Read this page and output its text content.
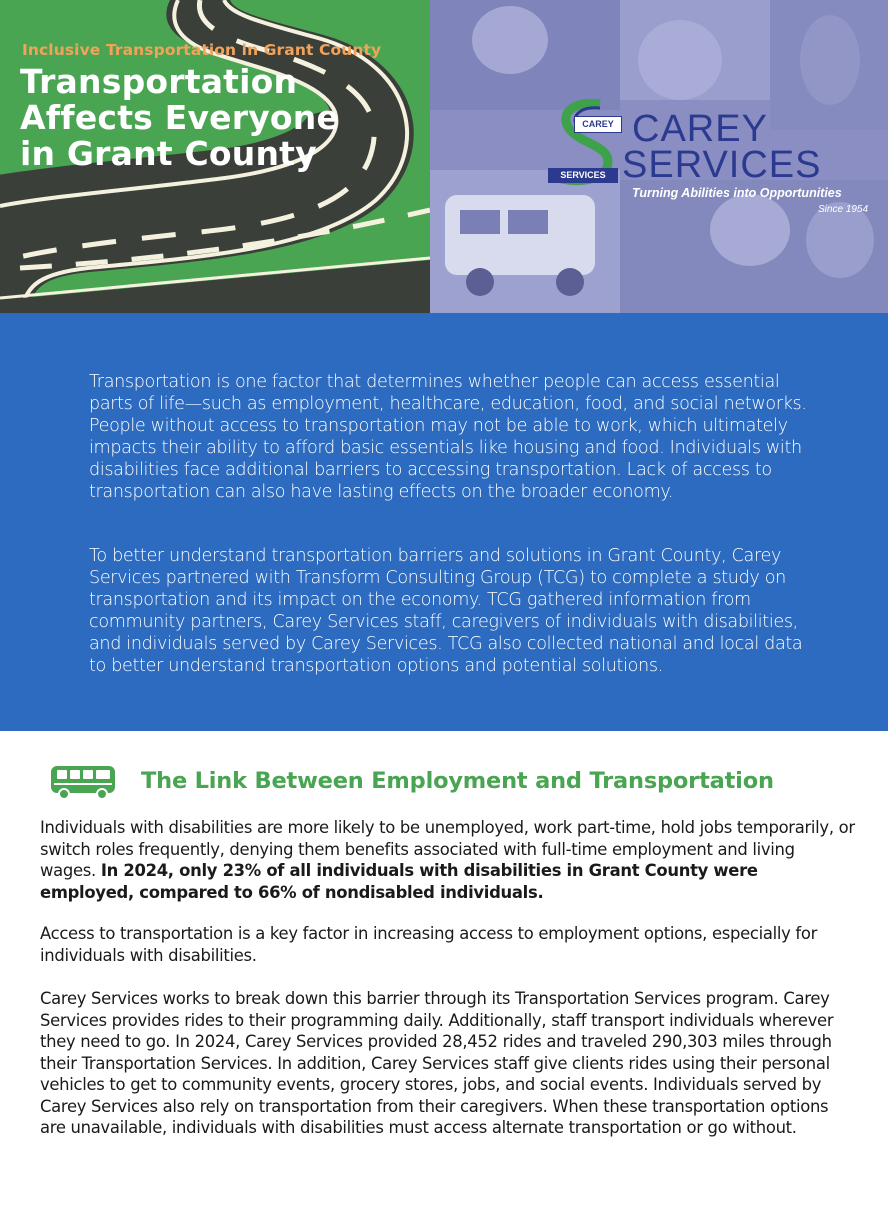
Inclusive Transportation in Grant County

Transportation Affects Everyone in Grant County
CAREY
SERVICES
CAREY
SERVICES
Turning Abilities into Opportunities
Since 1954

Transportation is one factor that determines whether people can access essential parts of life—such as employment, healthcare, education, food, and social networks. People without access to transportation may not be able to work, which ultimately impacts their ability to afford basic essentials like housing and food. Individuals with disabilities face additional barriers to accessing transportation. Lack of access to transportation can also have lasting effects on the broader economy.

To better understand transportation barriers and solutions in Grant County, Carey Services partnered with Transform Consulting Group (TCG) to complete a study on transportation and its impact on the economy. TCG gathered information from community partners, Carey Services staff, caregivers of individuals with disabilities, and individuals served by Carey Services. TCG also collected national and local data to better understand transportation options and potential solutions.

The Link Between Employment and Transportation

Individuals with disabilities are more likely to be unemployed, work part-time, hold jobs temporarily, or switch roles frequently, denying them benefits associated with full-time employment and living wages. In 2024, only 23% of all individuals with disabilities in Grant County were employed, compared to 66% of nondisabled individuals.

Access to transportation is a key factor in increasing access to employment options, especially for individuals with disabilities.

Carey Services works to break down this barrier through its Transportation Services program. Carey Services provides rides to their programming daily. Additionally, staff transport individuals wherever they need to go. In 2024, Carey Services provided 28,452 rides and traveled 290,303 miles through their Transportation Services. In addition, Carey Services staff give clients rides using their personal vehicles to get to community events, grocery stores, jobs, and social events. Individuals served by Carey Services also rely on transportation from their caregivers. When these transportation options are unavailable, individuals with disabilities must access alternate transportation or go without.
